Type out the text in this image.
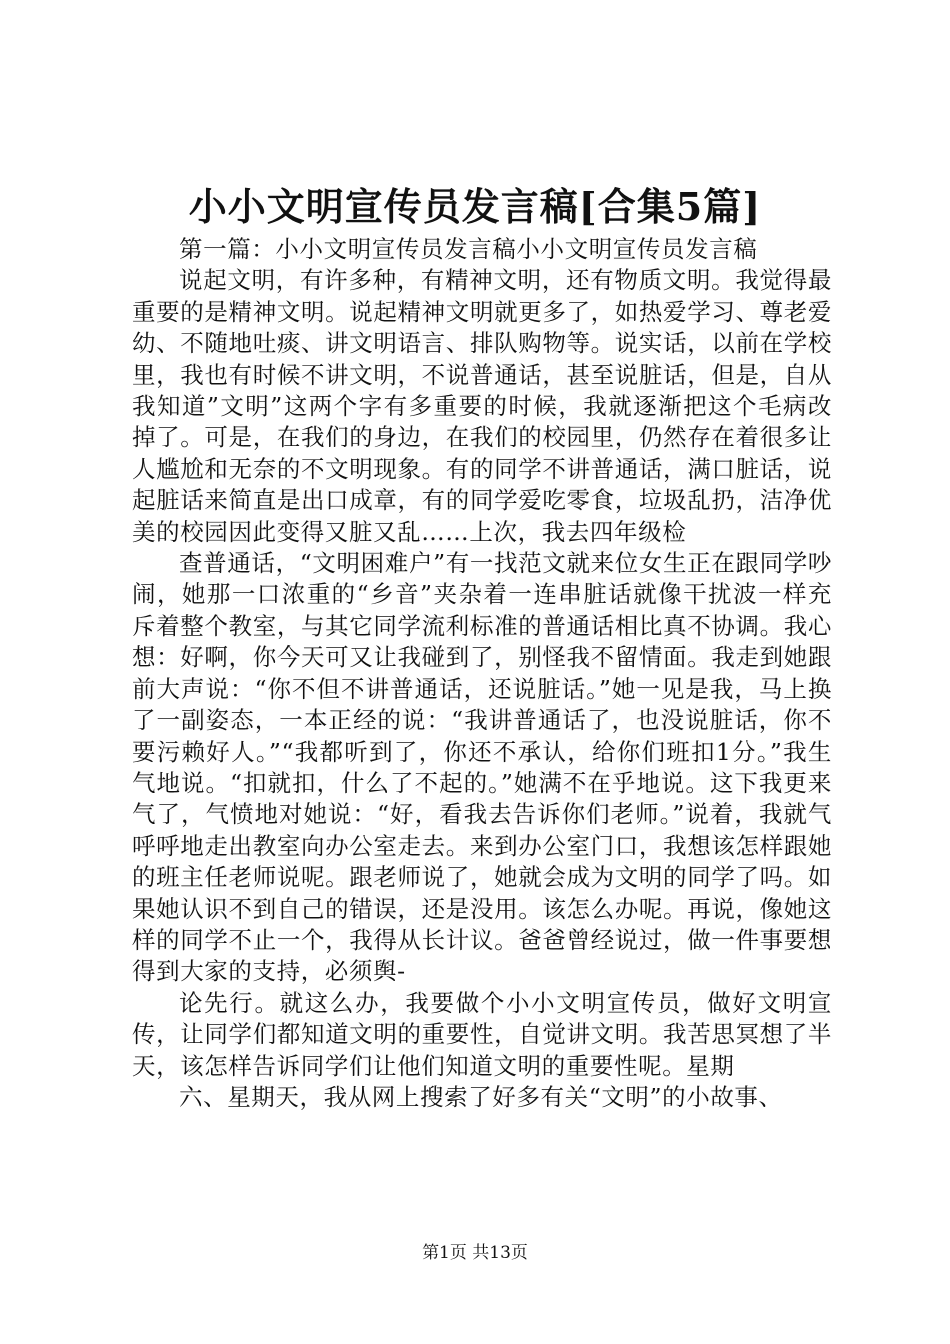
小小文明宣传员发言稿[合集5篇]

第一篇：小小文明宣传员发言稿小小文明宣传员发言稿

说起文明，有许多种，有精神文明，还有物质文明。我觉得最重要的是精神文明。说起精神文明就更多了，如热爱学习、尊老爱幼、不随地吐痰、讲文明语言、排队购物等。说实话，以前在学校里，我也有时候不讲文明，不说普通话，甚至说脏话，但是，自从我知道”文明”这两个字有多重要的时候，我就逐渐把这个毛病改掉了。可是，在我们的身边，在我们的校园里，仍然存在着很多让人尴尬和无奈的不文明现象。有的同学不讲普通话，满口脏话，说起脏话来简直是出口成章，有的同学爱吃零食，垃圾乱扔，洁净优美的校园因此变得又脏又乱……上次，我去四年级检

查普通话，“文明困难户”有一找范文就来位女生正在跟同学吵闹，她那一口浓重的“乡音”夹杂着一连串脏话就像干扰波一样充斥着整个教室，与其它同学流利标准的普通话相比真不协调。我心想：好啊，你今天可又让我碰到了，别怪我不留情面。我走到她跟前大声说：“你不但不讲普通话，还说脏话。”她一见是我，马上换了一副姿态，一本正经的说：“我讲普通话了，也没说脏话，你不要污赖好人。”“我都听到了，你还不承认，给你们班扣1分。”我生气地说。“扣就扣，什么了不起的。”她满不在乎地说。这下我更来气了，气愤地对她说：“好，看我去告诉你们老师。”说着，我就气呼呼地走出教室向办公室走去。来到办公室门口，我想该怎样跟她的班主任老师说呢。跟老师说了，她就会成为文明的同学了吗。如果她认识不到自己的错误，还是没用。该怎么办呢。再说，像她这样的同学不止一个，我得从长计议。爸爸曾经说过，做一件事要想得到大家的支持，必须舆-

论先行。就这么办，我要做个小小文明宣传员，做好文明宣传，让同学们都知道文明的重要性，自觉讲文明。我苦思冥想了半天，该怎样告诉同学们让他们知道文明的重要性呢。星期

六、星期天，我从网上搜索了好多有关“文明”的小故事、

第1页 共13页
